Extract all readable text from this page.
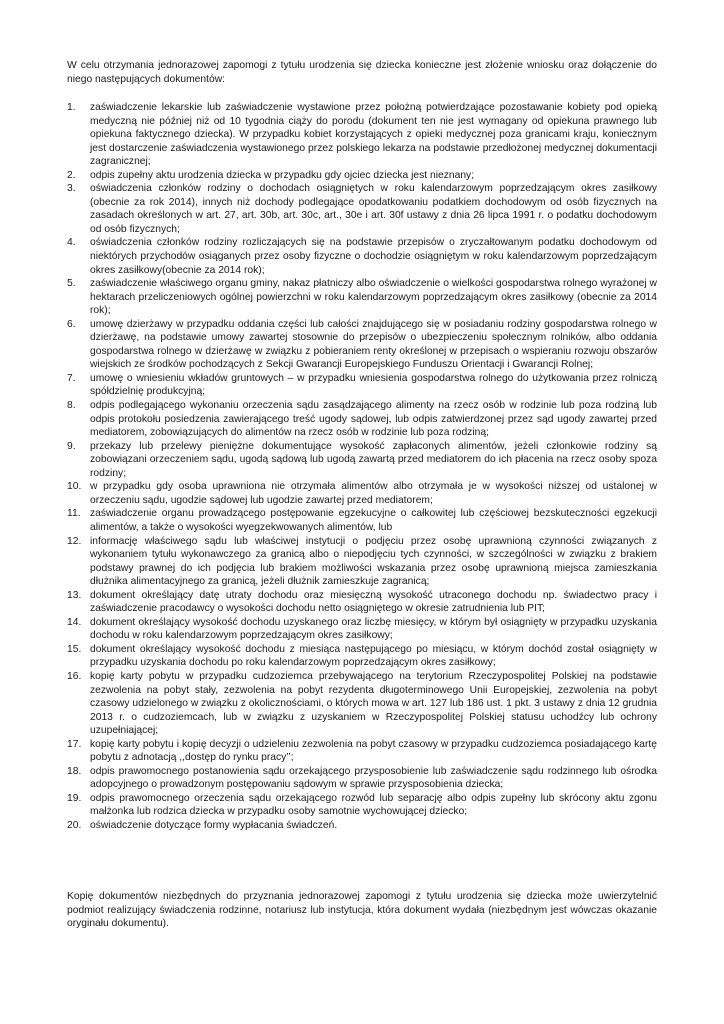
W celu otrzymania jednorazowej zapomogi z tytułu urodzenia się dziecka konieczne jest złożenie wniosku oraz dołączenie do niego następujących dokumentów:

1.	zaświadczenie lekarskie lub zaświadczenie wystawione przez położną potwierdzające pozostawanie kobiety pod opieką medyczną nie później niż od 10 tygodnia ciąży do porodu (dokument ten nie jest wymagany od opiekuna prawnego lub opiekuna faktycznego dziecka). W przypadku kobiet korzystających z opieki medycznej poza granicami kraju, koniecznym jest dostarczenie zaświadczenia wystawionego przez polskiego lekarza na podstawie przedłożonej medycznej dokumentacji zagranicznej;
2.	odpis zupełny aktu urodzenia dziecka w przypadku gdy ojciec dziecka jest nieznany;
3.	oświadczenia członków rodziny o dochodach osiągniętych w roku kalendarzowym poprzedzającym okres zasiłkowy (obecnie za rok 2014), innych niż dochody podlegające opodatkowaniu podatkiem dochodowym od osób fizycznych na zasadach określonych w art. 27, art. 30b, art. 30c, art., 30e i art. 30f ustawy z dnia 26 lipca 1991 r. o podatku dochodowym od osób fizycznych;
4.	oświadczenia członków rodziny rozliczających się na podstawie przepisów o zryczałtowanym podatku dochodowym od niektórych przychodów osiąganych przez osoby fizyczne o dochodzie osiągniętym w roku kalendarzowym poprzedzającym okres zasiłkowy(obecnie za 2014 rok);
5.	zaświadczenie właściwego organu gminy, nakaz płatniczy albo oświadczenie o wielkości gospodarstwa rolnego wyrażonej w hektarach przeliczeniowych ogólnej powierzchni w roku kalendarzowym poprzedzającym okres zasiłkowy (obecnie za 2014 rok);
6.	umowę dzierżawy w przypadku oddania części lub całości znajdującego się w posiadaniu rodziny gospodarstwa rolnego w dzierżawę, na podstawie umowy zawartej stosownie do przepisów o ubezpieczeniu społecznym rolników, albo oddania gospodarstwa rolnego w dzierżawę w związku z pobieraniem renty określonej w przepisach o wspieraniu rozwoju obszarów wiejskich ze środków pochodzących z Sekcji Gwarancji Europejskiego Funduszu Orientacji i Gwarancji Rolnej;
7.	umowę o wniesieniu wkładów gruntowych – w przypadku wniesienia gospodarstwa rolnego do użytkowania przez rolniczą spółdzielnię produkcyjną;
8.	odpis podlegającego wykonaniu orzeczenia sądu zasądzającego alimenty na rzecz osób w rodzinie lub poza rodziną lub odpis protokołu posiedzenia zawierającego treść ugody sądowej, lub odpis zatwierdzonej przez sąd ugody zawartej przed mediatorem, zobowiązujących do alimentów na rzecz osób w rodzinie lub poza rodziną;
9.	przekazy lub przelewy pieniężne dokumentujące wysokość zapłaconych alimentów, jeżeli członkowie rodziny są zobowiązani orzeczeniem sądu, ugodą sądową lub ugodą zawartą przed mediatorem do ich płacenia na rzecz osoby spoza rodziny;
10. w przypadku gdy osoba uprawniona nie otrzymała alimentów albo otrzymała je w wysokości niższej od ustalonej w orzeczeniu sądu, ugodzie sądowej lub ugodzie zawartej przed mediatorem;
11. zaświadczenie organu prowadzącego postępowanie egzekucyjne o całkowitej lub częściowej bezskuteczności egzekucji alimentów, a także o wysokości wyegzekwowanych alimentów, lub
12. informację właściwego sądu lub właściwej instytucji o podjęciu przez osobę uprawnioną czynności związanych z wykonaniem tytułu wykonawczego za granicą albo o niepodjęciu tych czynności, w szczególności w związku z brakiem podstawy prawnej do ich podjęcia lub brakiem możliwości wskazania przez osobę uprawnioną miejsca zamieszkania dłużnika alimentacyjnego za granicą, jeżeli dłużnik zamieszkuje zagranicą;
13. dokument określający datę utraty dochodu oraz miesięczną wysokość utraconego dochodu np. świadectwo pracy i zaświadczenie pracodawcy o wysokości dochodu netto osiągniętego w okresie zatrudnienia lub PIT;
14. dokument określający wysokość dochodu uzyskanego oraz liczbę miesięcy, w którym był osiągnięty w przypadku uzyskania dochodu w roku kalendarzowym poprzedzającym okres zasiłkowy;
15. dokument określający wysokość dochodu z miesiąca następującego po miesiącu, w którym dochód został osiągnięty w przypadku uzyskania dochodu po roku kalendarzowym poprzedzającym okres zasiłkowy;
16. kopię karty pobytu w przypadku cudzoziemca przebywającego na terytorium Rzeczypospolitej Polskiej na podstawie zezwolenia na pobyt stały, zezwolenia na pobyt rezydenta długoterminowego Unii Europejskiej, zezwolenia na pobyt czasowy udzielonego w związku z okolicznościami, o których mowa w art. 127 lub 186 ust. 1 pkt. 3 ustawy z dnia 12 grudnia 2013 r. o cudzoziemcach, lub w związku z uzyskaniem w Rzeczypospolitej Polskiej statusu uchodźcy lub ochrony uzupełniającej;
17. kopię karty pobytu i kopię decyzji o udzieleniu zezwolenia na pobyt czasowy w przypadku cudzoziemca posiadającego kartę pobytu z adnotacją ,,dostęp do rynku pracy’’;
18. odpis prawomocnego postanowienia sądu orzekającego przysposobienie lub zaświadczenie sądu rodzinnego lub ośrodka adopcyjnego o prowadzonym postępowaniu sądowym w sprawie przysposobienia dziecka;
19. odpis prawomocnego orzeczenia sądu orzekającego rozwód lub separację albo odpis zupełny lub skrócony aktu zgonu małżonka lub rodzica dziecka w przypadku osoby samotnie wychowującej dziecko;
20. oświadczenie dotyczące formy wypłacania świadczeń.

Kopię dokumentów niezbędnych do przyznania jednorazowej zapomogi z tytułu urodzenia się dziecka może uwierzytelnić podmiot realizujący świadczenia rodzinne, notariusz lub instytucja, która dokument wydała (niezbędnym jest wówczas okazanie oryginału dokumentu).
